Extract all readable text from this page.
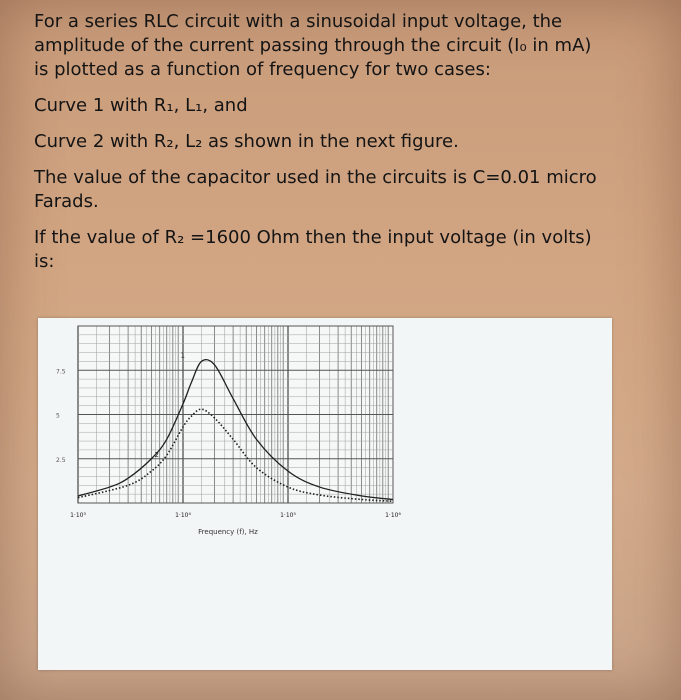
For a series RLC circuit with a sinusoidal input voltage, the
amplitude of the current passing through the circuit (I₀ in mA)
is plotted as a function of frequency for two cases:
Curve 1 with R₁, L₁, and
Curve 2 with R₂, L₂ as shown in the next figure.
The value of the capacitor used in the circuits is C=0.01 micro
Farads.
If the value of R₂ =1600 Ohm then the input voltage (in volts)
is:
1
2
7.5
5
2.5
1·10³	1·10⁴	1·10⁵	1·10⁶
Frequency (f), Hz
